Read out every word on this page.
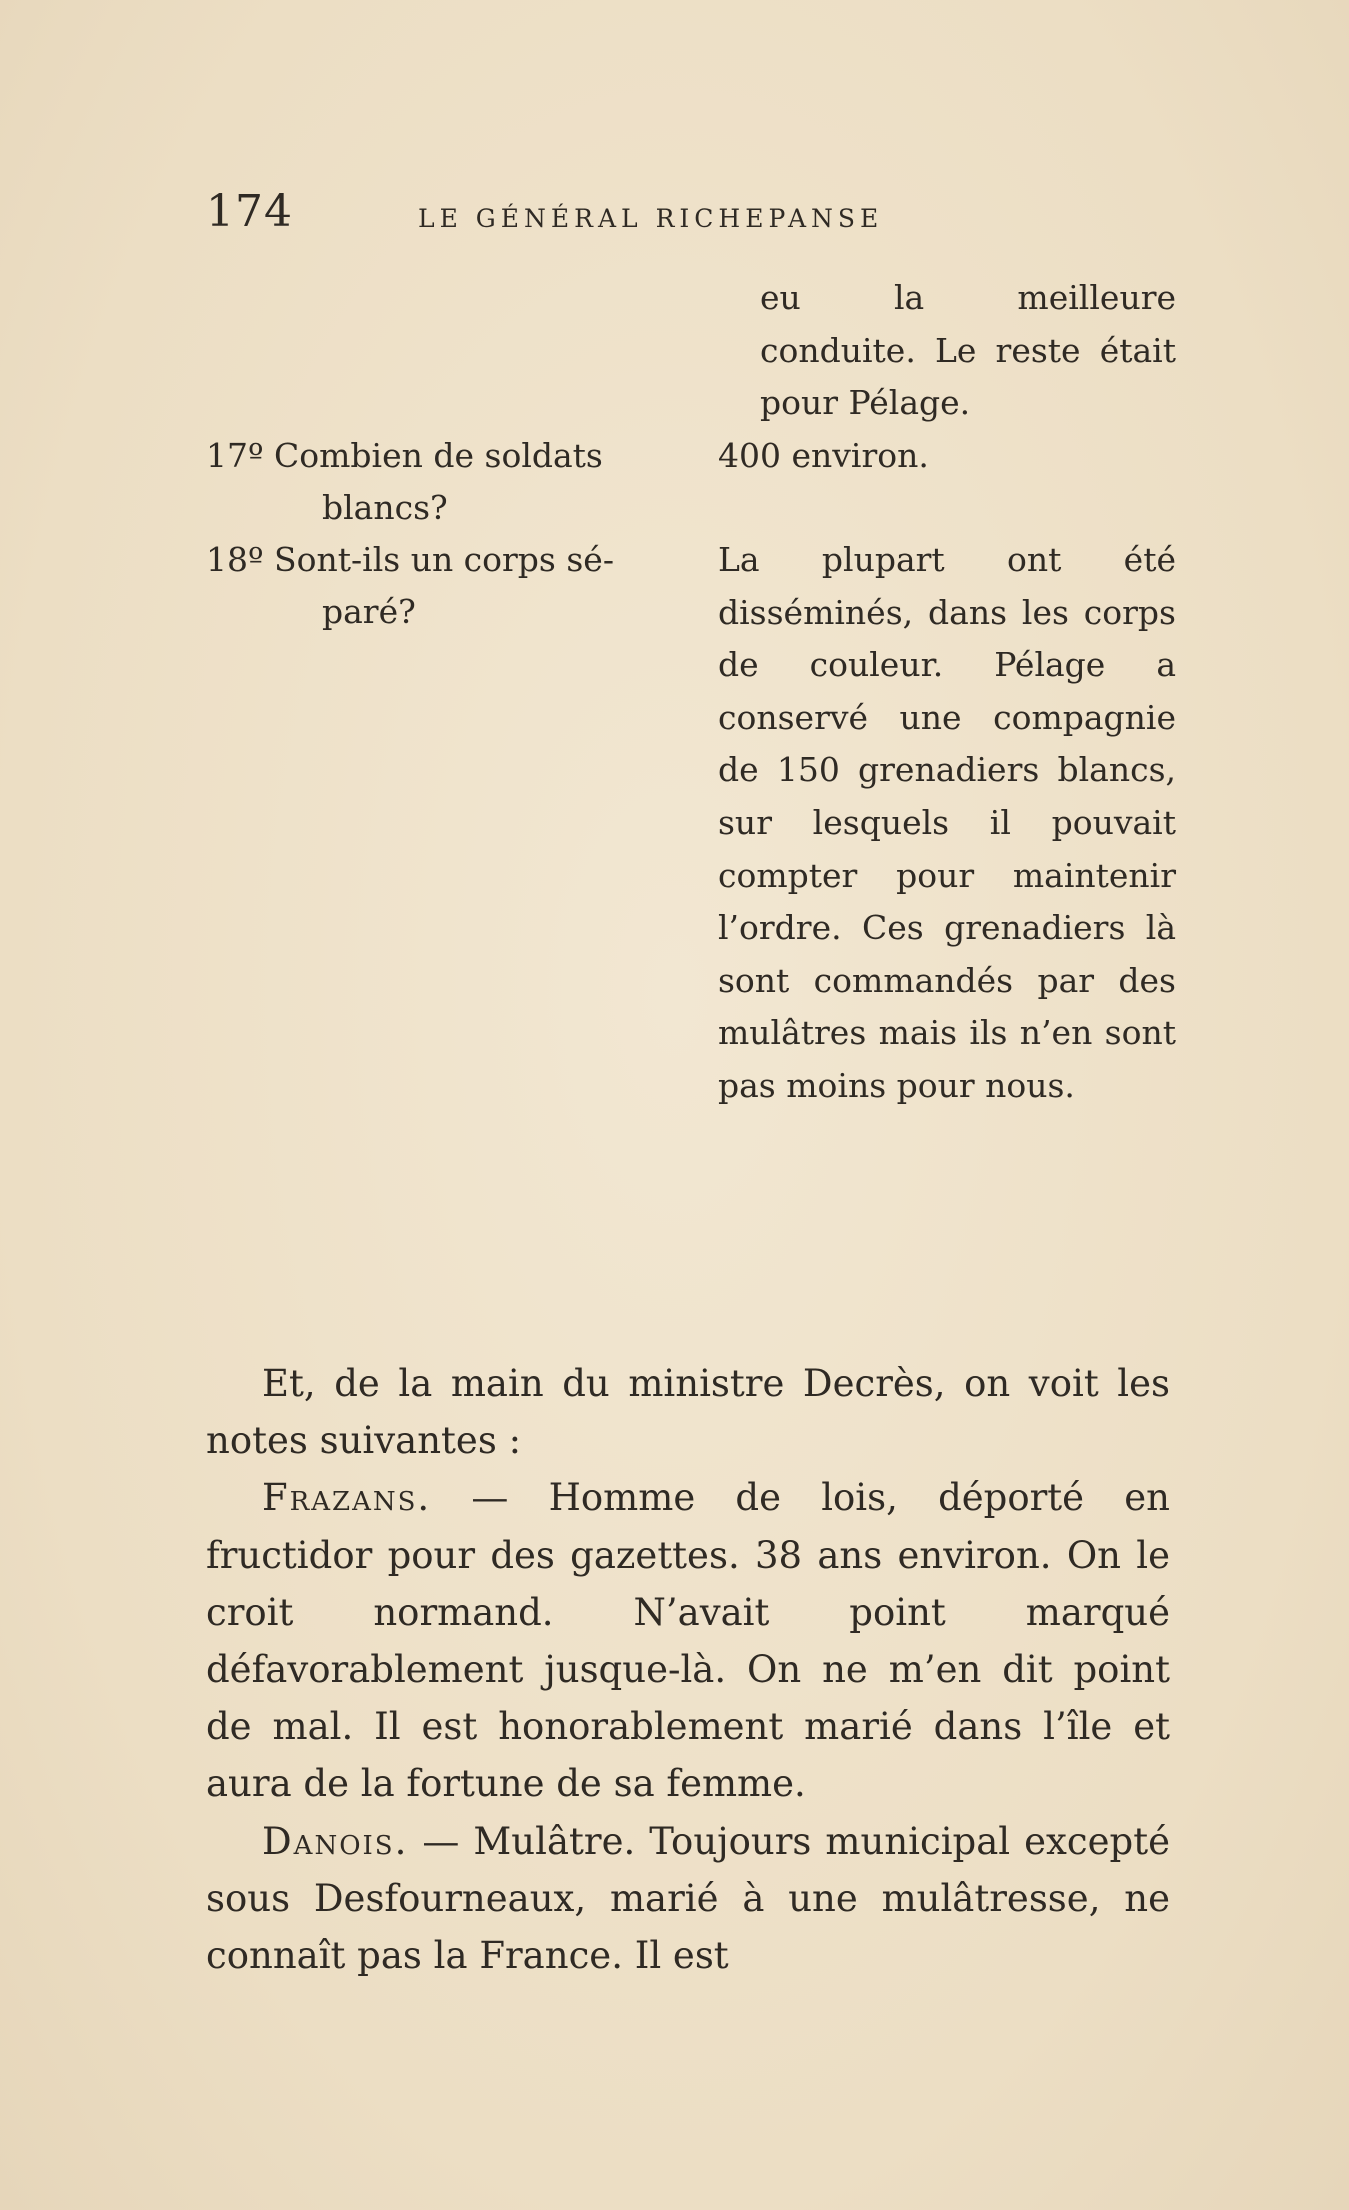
174	LE GÉNÉRAL RICHEPANSE
eu la meilleure conduite. Le reste était pour Pélage.
17º Combien de soldats
blancs?
400 environ.
18º Sont-ils un corps sé-
paré?
La plupart ont été disséminés, dans les corps de couleur. Pélage a conservé une compagnie de 150 grenadiers blancs, sur lesquels il pouvait compter pour maintenir l’ordre. Ces grenadiers là sont commandés par des mulâtres mais ils n’en sont pas moins pour nous.

Et, de la main du ministre Decrès, on voit les notes suivantes :

Frazans. — Homme de lois, déporté en fructidor pour des gazettes. 38 ans environ. On le croit normand. N’avait point marqué défavorablement jusque-là. On ne m’en dit point de mal. Il est honorablement marié dans l’île et aura de la fortune de sa femme.

Danois. — Mulâtre. Toujours municipal excepté sous Desfourneaux, marié à une mulâtresse, ne connaît pas la France. Il est
